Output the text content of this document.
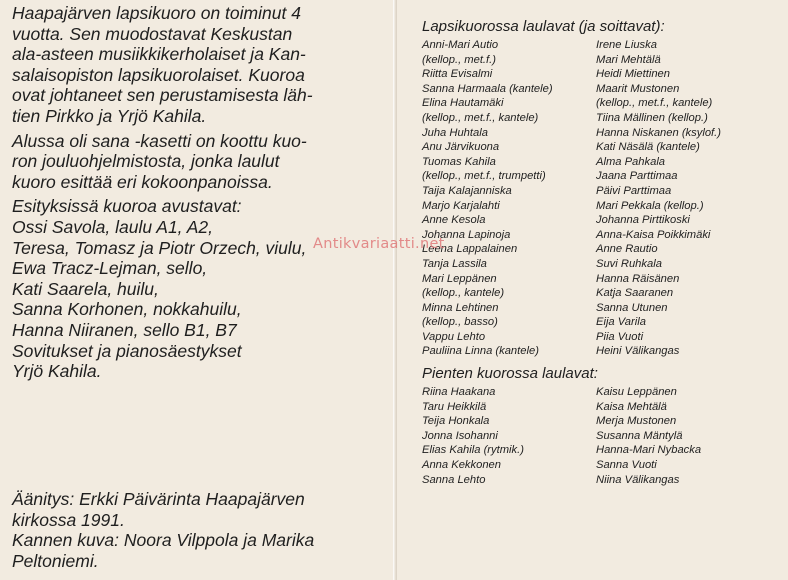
Haapajärven lapsikuoro on toiminut 4
vuotta. Sen muodostavat Keskustan
ala-asteen musiikkikerholaiset ja Kan-
salaisopiston lapsikuorolaiset. Kuoroa
ovat johtaneet sen perustamisesta läh-
tien Pirkko ja Yrjö Kahila.

Alussa oli sana -kasetti on koottu kuo-
ron jouluohjelmistosta, jonka laulut
kuoro esittää eri kokoonpanoissa.

Esityksissä kuoroa avustavat:
Ossi Savola, laulu A1, A2,
Teresa, Tomasz ja Piotr Orzech, viulu,
Ewa Tracz-Lejman, sello,
Kati Saarela, huilu,
Sanna Korhonen, nokkahuilu,
Hanna Niiranen, sello B1, B7
Sovitukset ja pianosäestykset
Yrjö Kahila.

Äänitys: Erkki Päivärinta Haapajärven
kirkossa 1991.
Kannen kuva: Noora Vilppola ja Marika
Peltoniemi.

Lapsikuorossa laulavat (ja soittavat):
Anni-Mari Autio	Irene Liuska
(kellop., met.f.)	Mari Mehtälä
Riitta Evisalmi	Heidi Miettinen
Sanna Harmaala (kantele)	Maarit Mustonen
Elina Hautamäki	(kellop., met.f., kantele)
(kellop., met.f., kantele)	Tiina Mällinen (kellop.)
Juha Huhtala	Hanna Niskanen (ksylof.)
Anu Järvikuona	Kati Näsälä (kantele)
Tuomas Kahila	Alma Pahkala
(kellop., met.f., trumpetti)	Jaana Parttimaa
Taija Kalajanniska	Päivi Parttimaa
Marjo Karjalahti	Mari Pekkala (kellop.)
Anne Kesola	Johanna Pirttikoski
Johanna Lapinoja	Anna-Kaisa Poikkimäki
Leena Lappalainen	Anne Rautio
Tanja Lassila	Suvi Ruhkala
Mari Leppänen	Hanna Räisänen
(kellop., kantele)	Katja Saaranen
Minna Lehtinen	Sanna Utunen
(kellop., basso)	Eija Varila
Vappu Lehto	Piia Vuoti
Pauliina Linna (kantele)	Heini Välikangas
Pienten kuorossa laulavat:
Riina Haakana	Kaisu Leppänen
Taru Heikkilä	Kaisa Mehtälä
Teija Honkala	Merja Mustonen
Jonna Isohanni	Susanna Mäntylä
Elias Kahila (rytmik.)	Hanna-Mari Nybacka
Anna Kekkonen	Sanna Vuoti
Sanna Lehto	Niina Välikangas
Antikvariaatti.net
